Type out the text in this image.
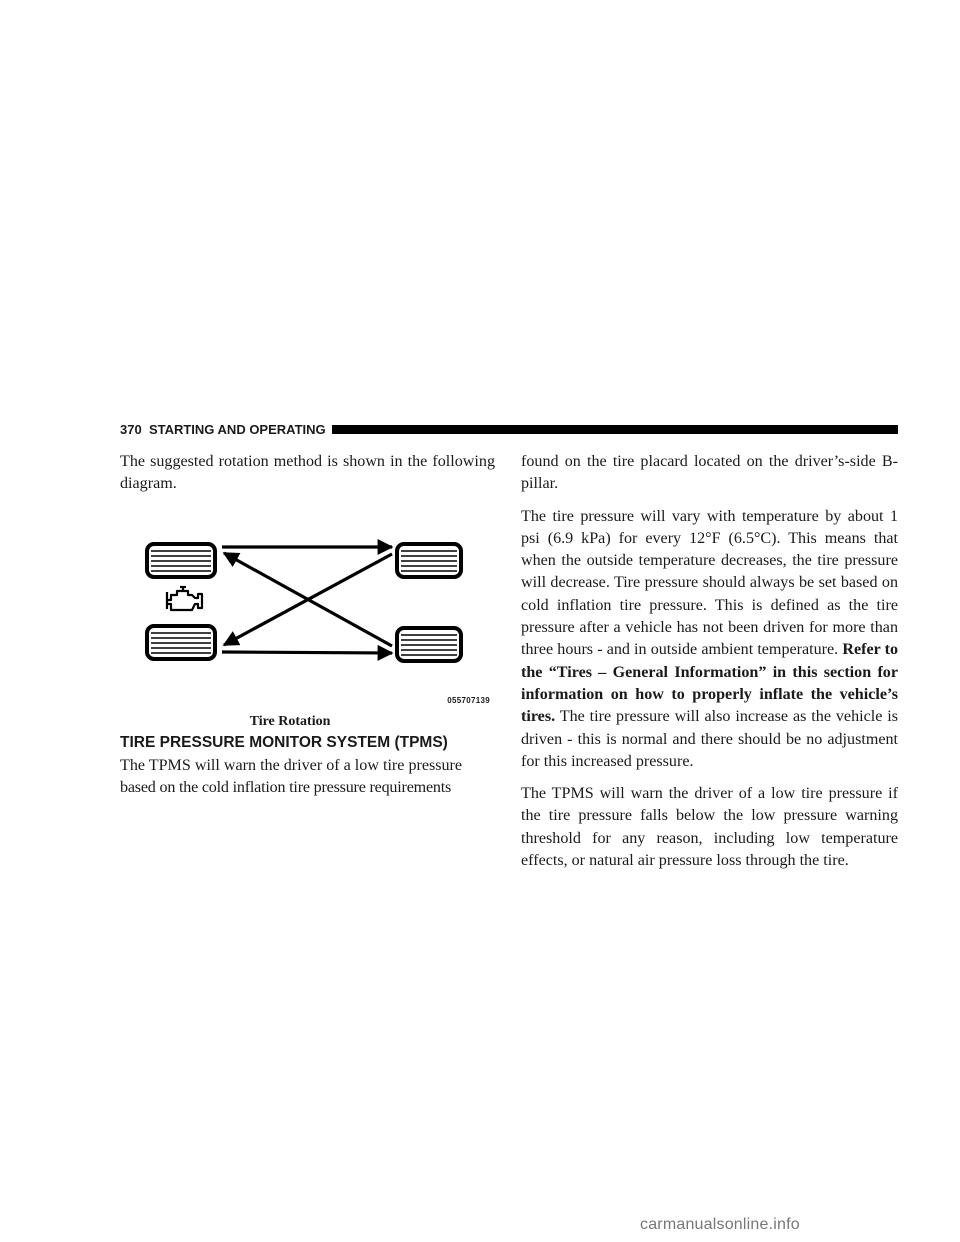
370 STARTING AND OPERATING

The suggested rotation method is shown in the following diagram.

055707139
Tire Rotation
TIRE PRESSURE MONITOR SYSTEM (TPMS)

The TPMS will warn the driver of a low tire pressure

based on the cold inflation tire pressure requirements

found on the tire placard located on the driver’s-side B-pillar.

The tire pressure will vary with temperature by about 1 psi (6.9 kPa) for every 12°F (6.5°C). This means that when the outside temperature decreases, the tire pressure will decrease. Tire pressure should always be set based on cold inflation tire pressure. This is defined as the tire pressure after a vehicle has not been driven for more than three hours - and in outside ambient temperature. Refer to the “Tires – General Information” in this section for information on how to properly inflate the vehicle’s tires. The tire pressure will also increase as the vehicle is driven - this is normal and there should be no adjustment for this increased pressure.

The TPMS will warn the driver of a low tire pressure if the tire pressure falls below the low pressure warning threshold for any reason, including low temperature effects, or natural air pressure loss through the tire.

carmanualsonline.info
